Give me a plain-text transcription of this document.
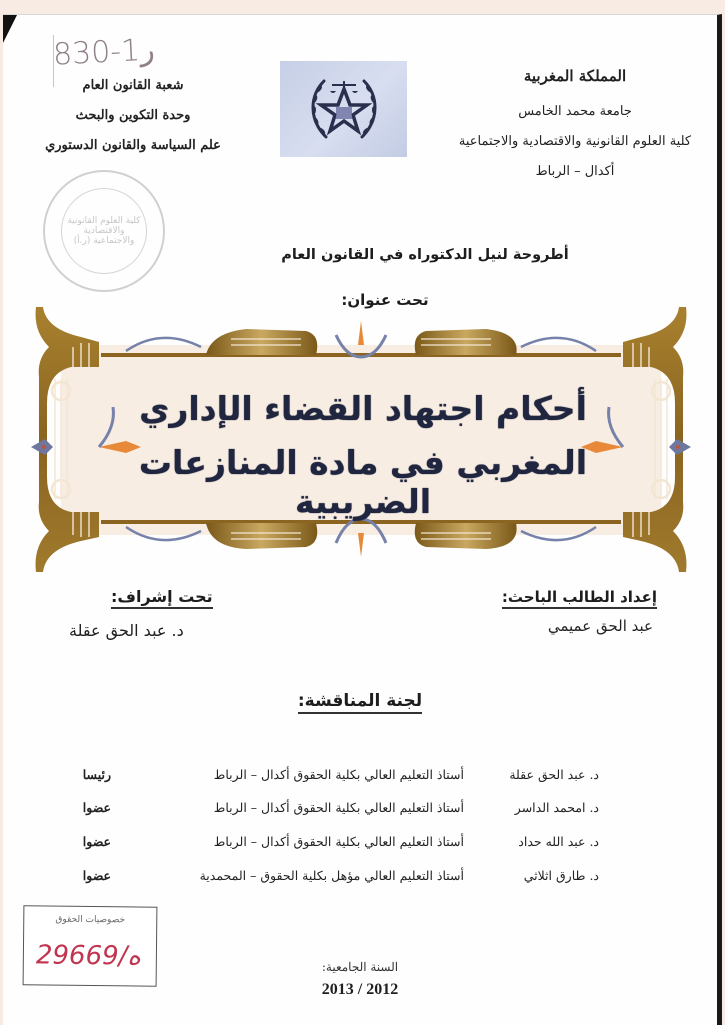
830-1ر
المملكة المغربية
جامعة محمد الخامس
كلية العلوم القانونية والاقتصادية والاجتماعية
أكدال – الرباط
شعبة القانون العام
وحدة التكوين والبحث
علم السياسة والقانون الدستوري
كلية العلوم القانونية والاقتصادية والاجتماعية (ر.أ)
أطروحة لنيل الدكتوراه في القانون العام
تحت عنوان:
أحكام اجتهاد القضاء الإداري
المغربي في مادة المنازعات الضريبية
إعداد الطالب الباحث:
عبد الحق عميمي
تحت إشراف:
د. عبد الحق عقلة
لجنة المناقشة:
د. عبد الحق عقلة
أستاذ التعليم العالي بكلية الحقوق أكدال – الرباط
رئيسا
د. امحمد الداسر
أستاذ التعليم العالي بكلية الحقوق أكدال – الرباط
عضوا
د. عبد الله حداد
أستاذ التعليم العالي بكلية الحقوق أكدال – الرباط
عضوا
د. طارق اثلاثي
أستاذ التعليم العالي مؤهل بكلية الحقوق – المحمدية
عضوا
خصوصيات الحقوق
29669/ه	السنة الجامعية:
2013 / 2012
